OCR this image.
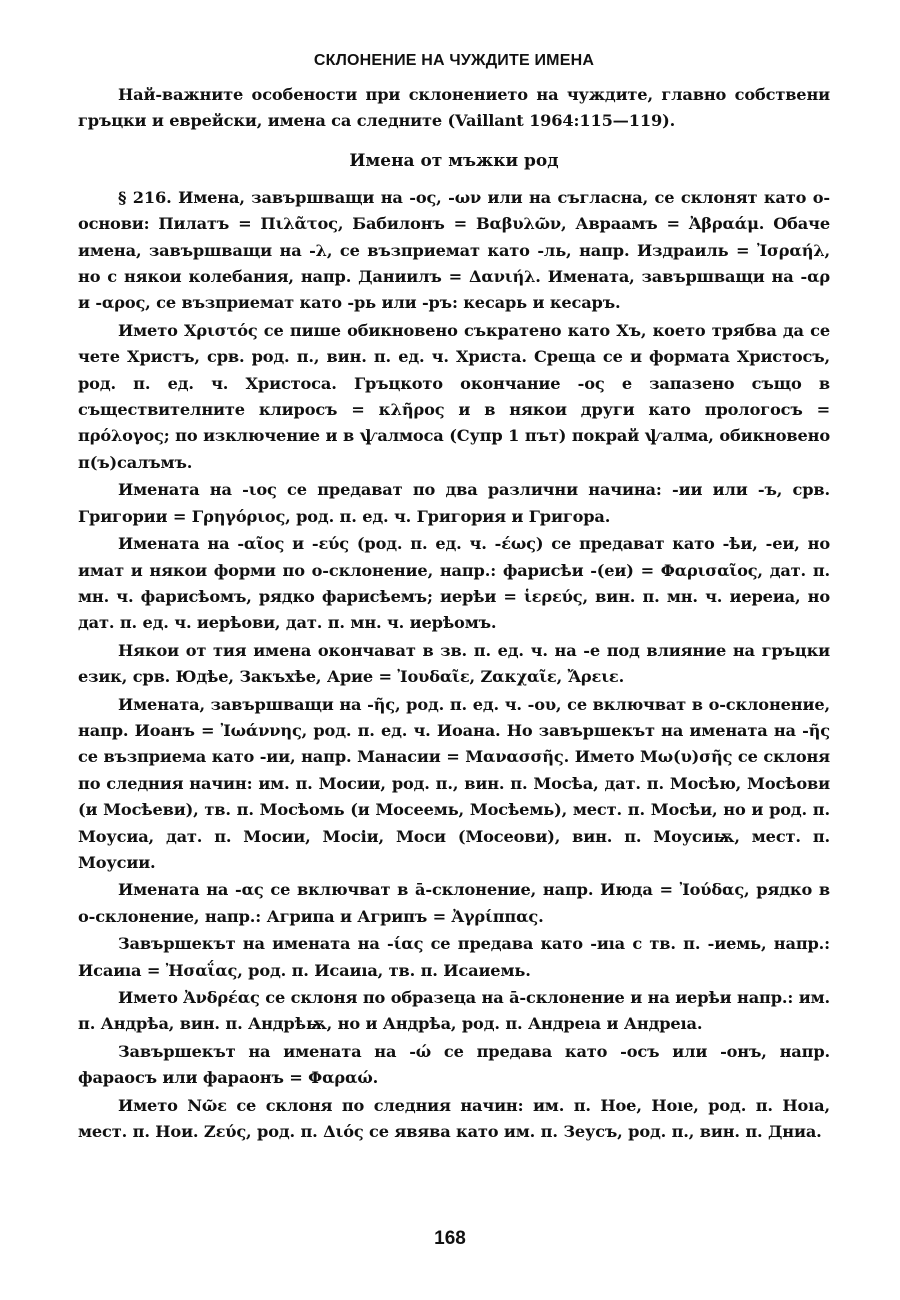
СКЛОНЕНИЕ НА ЧУЖДИТЕ ИМЕНА

Най-важните особености при склонението на чуждите, главно собствени гръцки и еврейски, имена са следните (Vaillant 1964:115—119).

Имена от мъжки род

§ 216. Имена, завършващи на -ος, -ων или на съгласна, се склонят като o-основи: Пилатъ = Πιλᾶτος, Бабилонъ = Βαβυλῶν, Авраамъ = Ἀβραάμ. Обаче имена, завършващи на -λ, се възприемат като -ль, напр. Издраиль = Ἰσραήλ, но с някои колебания, напр. Даниилъ = Δανιήλ. Имената, завършващи на -αρ и -αρος, се възприемат като -рь или -ръ: кесарь и кесаръ.

Името Χριστός се пише обикновено съкратено като Хъ, което трябва да се чете Христъ, срв. род. п., вин. п. ед. ч. Христа. Среща се и формата Христосъ, род. п. ед. ч. Христоса. Гръцкото окончание -ος е запазено също в съществителните клиросъ = κλῆρος и в някои други като прологосъ = πρόλογος; по изключение и в ѱалмоса (Супр 1 път) покрай ѱалма, обикновено п(ъ)салъмъ.

Имената на -ιος се предават по два различни начина: -ии или -ъ, срв. Григории = Γρηγόριος, род. п. ед. ч. Григория и Григора.

Имената на -αῖος и -εύς (род. п. ед. ч. -έως) се предават като -ѣи, -еи, но имат и някои форми по o-склонение, напр.: фарисѣи -(еи) = Φαρισαῖος, дат. п. мн. ч. фарисѣомъ, рядко фарисѣемъ; иерѣи = ἱερεύς, вин. п. мн. ч. иереиа, но дат. п. ед. ч. иерѣови, дат. п. мн. ч. иерѣомъ.

Някои от тия имена окончават в зв. п. ед. ч. на -е под влияние на гръцки език, срв. Юдѣе, Закъхѣе, Арие = Ἰουδαῖε, Ζακχαῖε, Ἄρειε.

Имената, завършващи на -ῆς, род. п. ед. ч. -ου, се включват в o-склонение, напр. Иоанъ = Ἰωάννης, род. п. ед. ч. Иоана. Но завършекът на имената на -ῆς се възприема като -ии, напр. Манасии = Μανασσῆς. Името Μω(υ)σῆς се склоня по следния начин: им. п. Мосии, род. п., вин. п. Мосѣа, дат. п. Мосѣю, Мосѣови (и Мосѣеви), тв. п. Мосѣомь (и Мосеемь, Мосѣемь), мест. п. Мосѣи, но и род. п. Моусиа, дат. п. Мосии, Мосіи, Моси (Мосеови), вин. п. Моусиѭ, мест. п. Моусии.

Имената на -ας се включват в ā-склонение, напр. Июда = Ἰούδας, рядко в o-склонение, напр.: Агрипа и Агрипъ = Ἀγρίππας.

Завършекът на имената на -ίας се предава като -иıа с тв. п. -иемь, напр.: Исаиıа = Ἠσαΐας, род. п. Исаиıа, тв. п. Исаиемь.

Името Ἀνδρέας се склоня по образеца на ā-склонение и на иерѣи напр.: им. п. Андрѣа, вин. п. Андрѣѭ, но и Андрѣа, род. п. Андреıа и Андреıа.

Завършекът на имената на -ώ се предава като -осъ или -онъ, напр. фараосъ или фараонъ = Φαραώ.

Името Nῶε се склоня по следния начин: им. п. Ное, Ноıе, род. п. Ноıа, мест. п. Нои. Ζεύς, род. п. Διός се явява като им. п. Зеусъ, род. п., вин. п. Дниа.

168
